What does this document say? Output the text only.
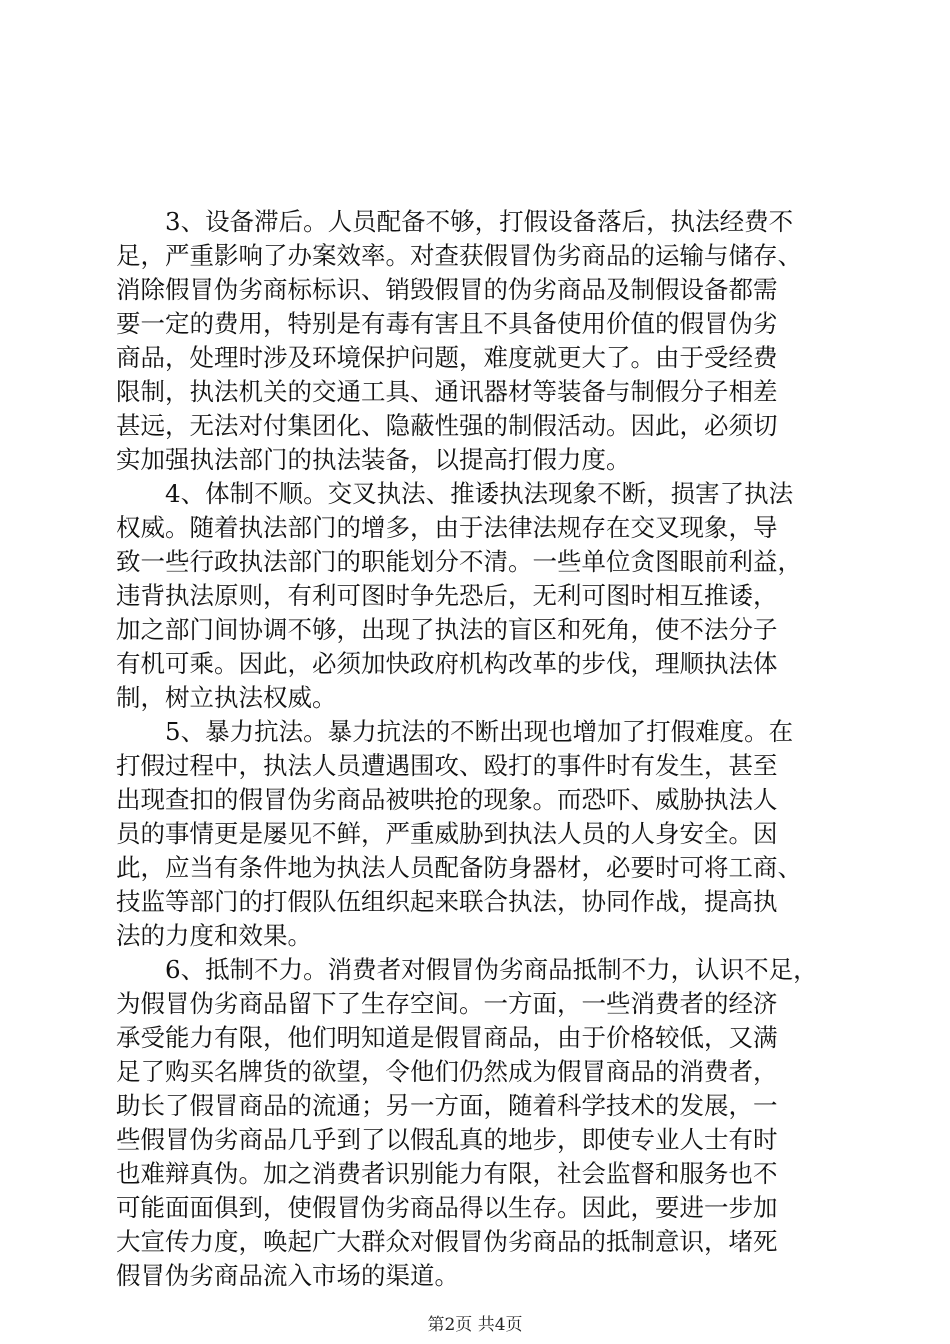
3、设备滞后。人员配备不够，打假设备落后，执法经费不
足，严重影响了办案效率。对查获假冒伪劣商品的运输与储存、
消除假冒伪劣商标标识、销毁假冒的伪劣商品及制假设备都需
要一定的费用，特别是有毒有害且不具备使用价值的假冒伪劣
商品，处理时涉及环境保护问题，难度就更大了。由于受经费
限制，执法机关的交通工具、通讯器材等装备与制假分子相差
甚远，无法对付集团化、隐蔽性强的制假活动。因此，必须切
实加强执法部门的执法装备，以提高打假力度。
4、体制不顺。交叉执法、推诿执法现象不断，损害了执法
权威。随着执法部门的增多，由于法律法规存在交叉现象，导
致一些行政执法部门的职能划分不清。一些单位贪图眼前利益，
违背执法原则，有利可图时争先恐后，无利可图时相互推诿，
加之部门间协调不够，出现了执法的盲区和死角，使不法分子
有机可乘。因此，必须加快政府机构改革的步伐，理顺执法体
制，树立执法权威。
5、暴力抗法。暴力抗法的不断出现也增加了打假难度。在
打假过程中，执法人员遭遇围攻、殴打的事件时有发生，甚至
出现查扣的假冒伪劣商品被哄抢的现象。而恐吓、威胁执法人
员的事情更是屡见不鲜，严重威胁到执法人员的人身安全。因
此，应当有条件地为执法人员配备防身器材，必要时可将工商、
技监等部门的打假队伍组织起来联合执法，协同作战，提高执
法的力度和效果。
6、抵制不力。消费者对假冒伪劣商品抵制不力，认识不足，
为假冒伪劣商品留下了生存空间。一方面，一些消费者的经济
承受能力有限，他们明知道是假冒商品，由于价格较低，又满
足了购买名牌货的欲望，令他们仍然成为假冒商品的消费者，
助长了假冒商品的流通；另一方面，随着科学技术的发展，一
些假冒伪劣商品几乎到了以假乱真的地步，即使专业人士有时
也难辩真伪。加之消费者识别能力有限，社会监督和服务也不
第2页 共4页
可能面面俱到，使假冒伪劣商品得以生存。因此，要进一步加
大宣传力度，唤起广大群众对假冒伪劣商品的抵制意识，堵死
假冒伪劣商品流入市场的渠道。
